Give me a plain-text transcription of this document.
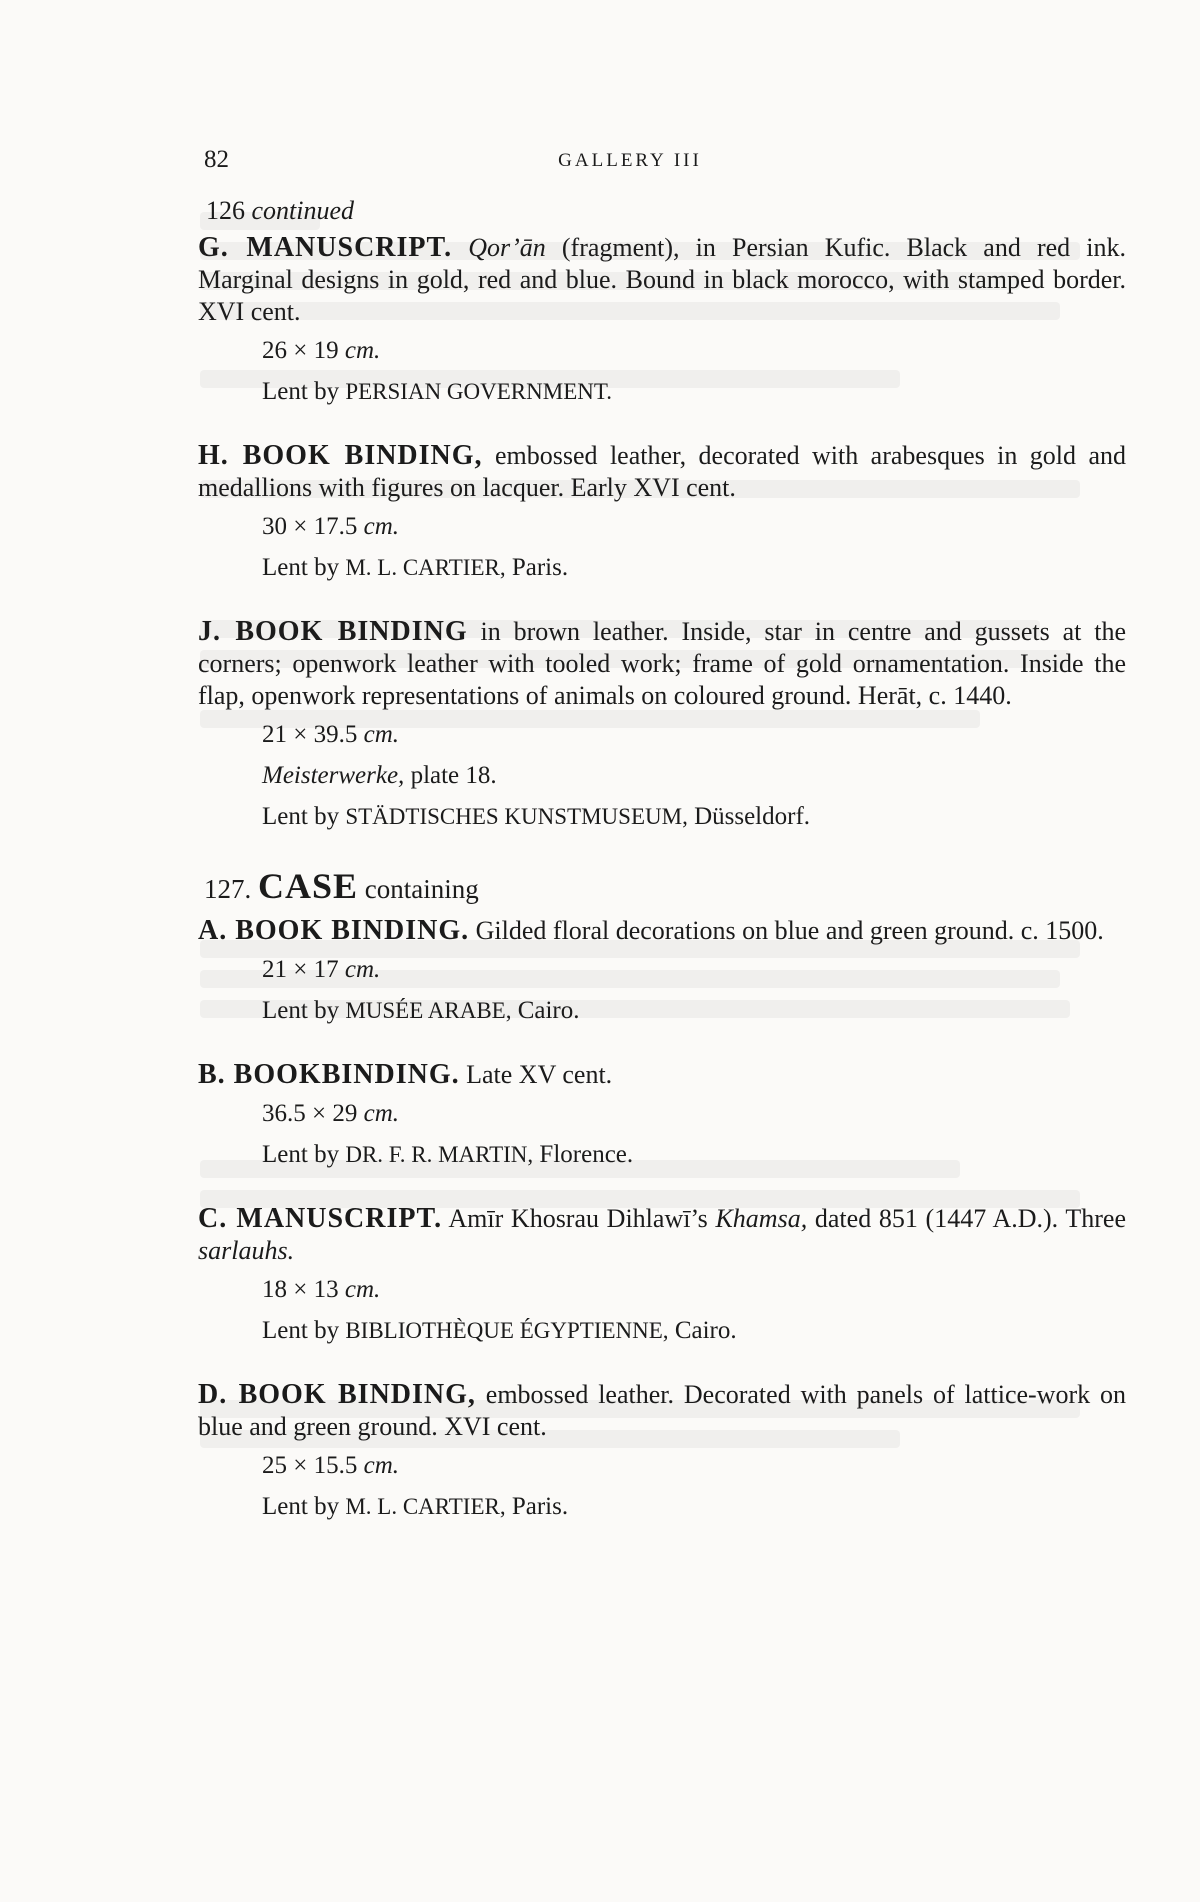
82	GALLERY III

126 continued

G. MANUSCRIPT. Qor’ān (fragment), in Persian Kufic. Black and red ink. Marginal designs in gold, red and blue. Bound in black morocco, with stamped border. XVI cent.

26 × 19 cm.
Lent by PERSIAN GOVERNMENT.

H. BOOK BINDING, embossed leather, decorated with arabesques in gold and medallions with figures on lacquer. Early XVI cent.

30 × 17.5 cm.
Lent by M. L. CARTIER, Paris.

J. BOOK BINDING in brown leather. Inside, star in centre and gussets at the corners; openwork leather with tooled work; frame of gold ornamentation. Inside the flap, openwork representations of animals on coloured ground. Herāt, c. 1440.

21 × 39.5 cm.
Meisterwerke, plate 18.
Lent by STÄDTISCHES KUNSTMUSEUM, Düsseldorf.

127. CASE containing

A. BOOK BINDING. Gilded floral decorations on blue and green ground. c. 1500.

21 × 17 cm.
Lent by MUSÉE ARABE, Cairo.

B. BOOKBINDING. Late XV cent.

36.5 × 29 cm.
Lent by DR. F. R. MARTIN, Florence.

C. MANUSCRIPT. Amīr Khosrau Dihlawī’s Khamsa, dated 851 (1447 A.D.). Three sarlauhs.

18 × 13 cm.
Lent by BIBLIOTHÈQUE ÉGYPTIENNE, Cairo.

D. BOOK BINDING, embossed leather. Decorated with panels of lattice-work on blue and green ground. XVI cent.

25 × 15.5 cm.
Lent by M. L. CARTIER, Paris.
